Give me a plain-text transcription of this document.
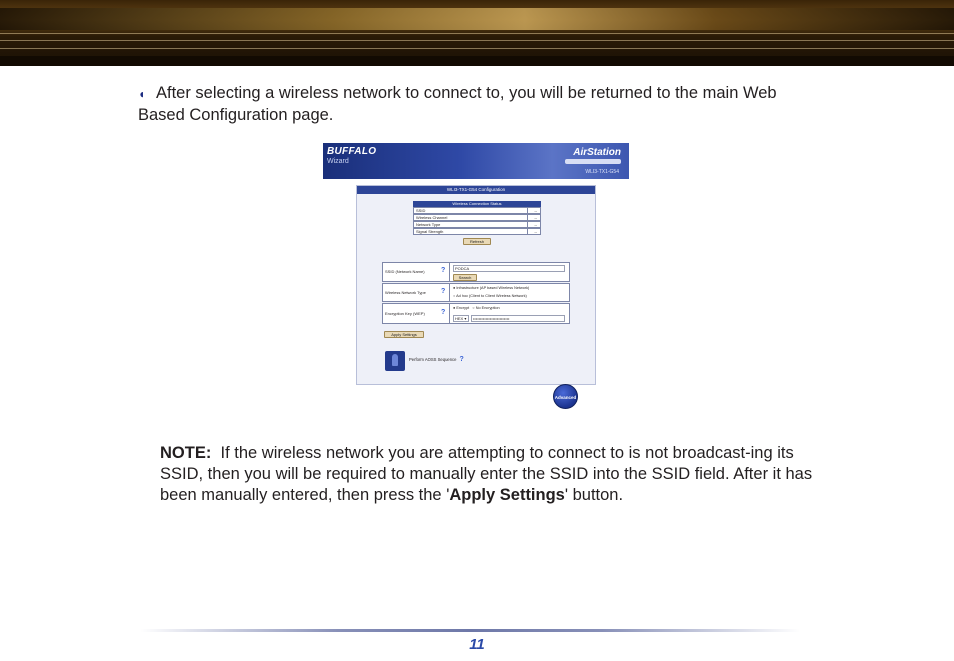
◖ After selecting a wireless network to connect to, you will be returned to the main Web Based Configuration page.

BUFFALO
Wizard
AirStation
WLI3-TX1-G54
WLI3-TX1-G54 Configuration
Wireless Connection Status
SSID	--
Wireless Channel	--
Network Type	--
Signal Strength	--
Refresh
SSID (Network Name) ?	PODCA
Search
Wireless Network Type ? ● Infrastructure (AP based Wireless Network)
○ Ad hoc (Client to Client Wireless Network)
Encryption Key (WEP) ?
● Encrypt   ○ No Encryption
HEX ▾	••••••••••••••••••••••••••
Apply Settings
Perform AOSS Sequence ?
Advanced

NOTE: If the wireless network you are attempting to connect to is not broadcast-ing its SSID, then you will be required to manually enter the SSID into the SSID field. After it has been manually entered, then press the 'Apply Settings' button.

11
